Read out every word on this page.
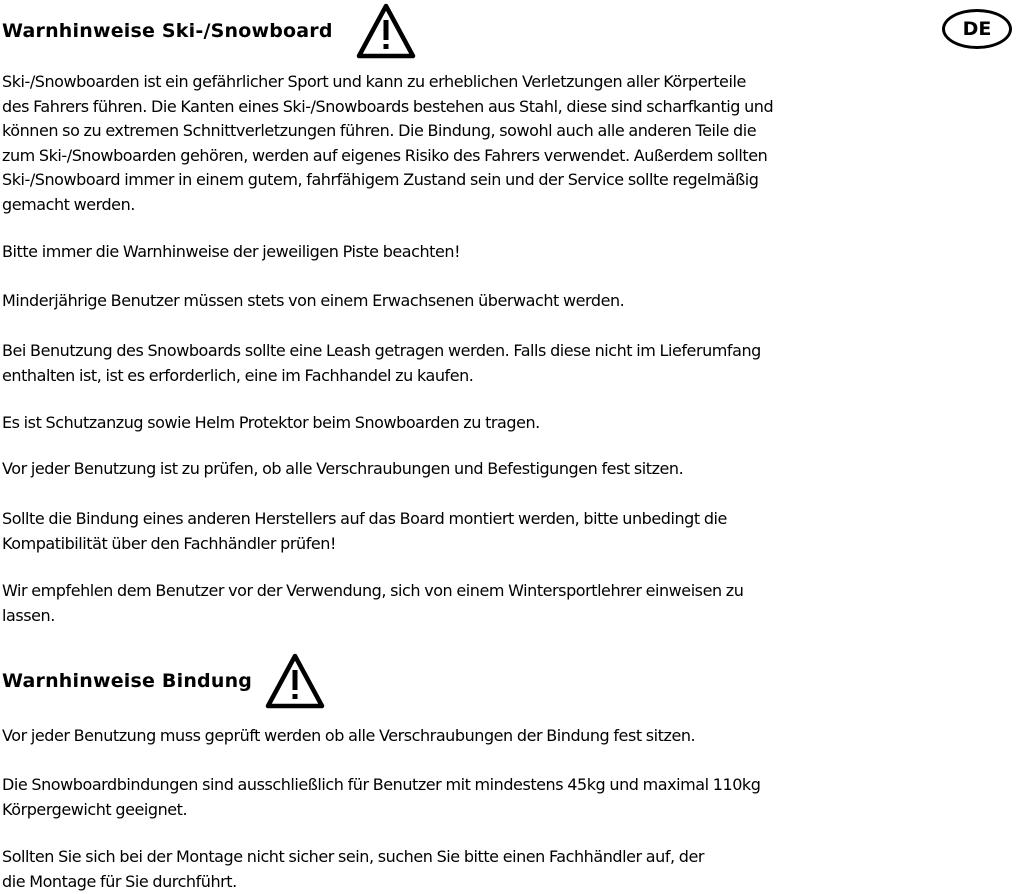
Warnhinweise Ski-/Snowboard	DE

Ski-/Snowboarden ist ein gefährlicher Sport und kann zu erheblichen Verletzungen aller Körperteile
des Fahrers führen. Die Kanten eines Ski-/Snowboards bestehen aus Stahl, diese sind scharfkantig und
können so zu extremen Schnittverletzungen führen. Die Bindung, sowohl auch alle anderen Teile die
zum Ski-/Snowboarden gehören, werden auf eigenes Risiko des Fahrers verwendet. Außerdem sollten
Ski-/Snowboard immer in einem gutem, fahrfähigem Zustand sein und der Service sollte regelmäßig
gemacht werden.

Bitte immer die Warnhinweise der jeweiligen Piste beachten!

Minderjährige Benutzer müssen stets von einem Erwachsenen überwacht werden.

Bei Benutzung des Snowboards sollte eine Leash getragen werden. Falls diese nicht im Lieferumfang
enthalten ist, ist es erforderlich, eine im Fachhandel zu kaufen.

Es ist Schutzanzug sowie Helm Protektor beim Snowboarden zu tragen.

Vor jeder Benutzung ist zu prüfen, ob alle Verschraubungen und Befestigungen fest sitzen.

Sollte die Bindung eines anderen Herstellers auf das Board montiert werden, bitte unbedingt die
Kompatibilität über den Fachhändler prüfen!

Wir empfehlen dem Benutzer vor der Verwendung, sich von einem Wintersportlehrer einweisen zu
lassen.

Warnhinweise Bindung

Vor jeder Benutzung muss geprüft werden ob alle Verschraubungen der Bindung fest sitzen.

Die Snowboardbindungen sind ausschließlich für Benutzer mit mindestens 45kg und maximal 110kg
Körpergewicht geeignet.

Sollten Sie sich bei der Montage nicht sicher sein, suchen Sie bitte einen Fachhändler auf, der
die Montage für Sie durchführt.
